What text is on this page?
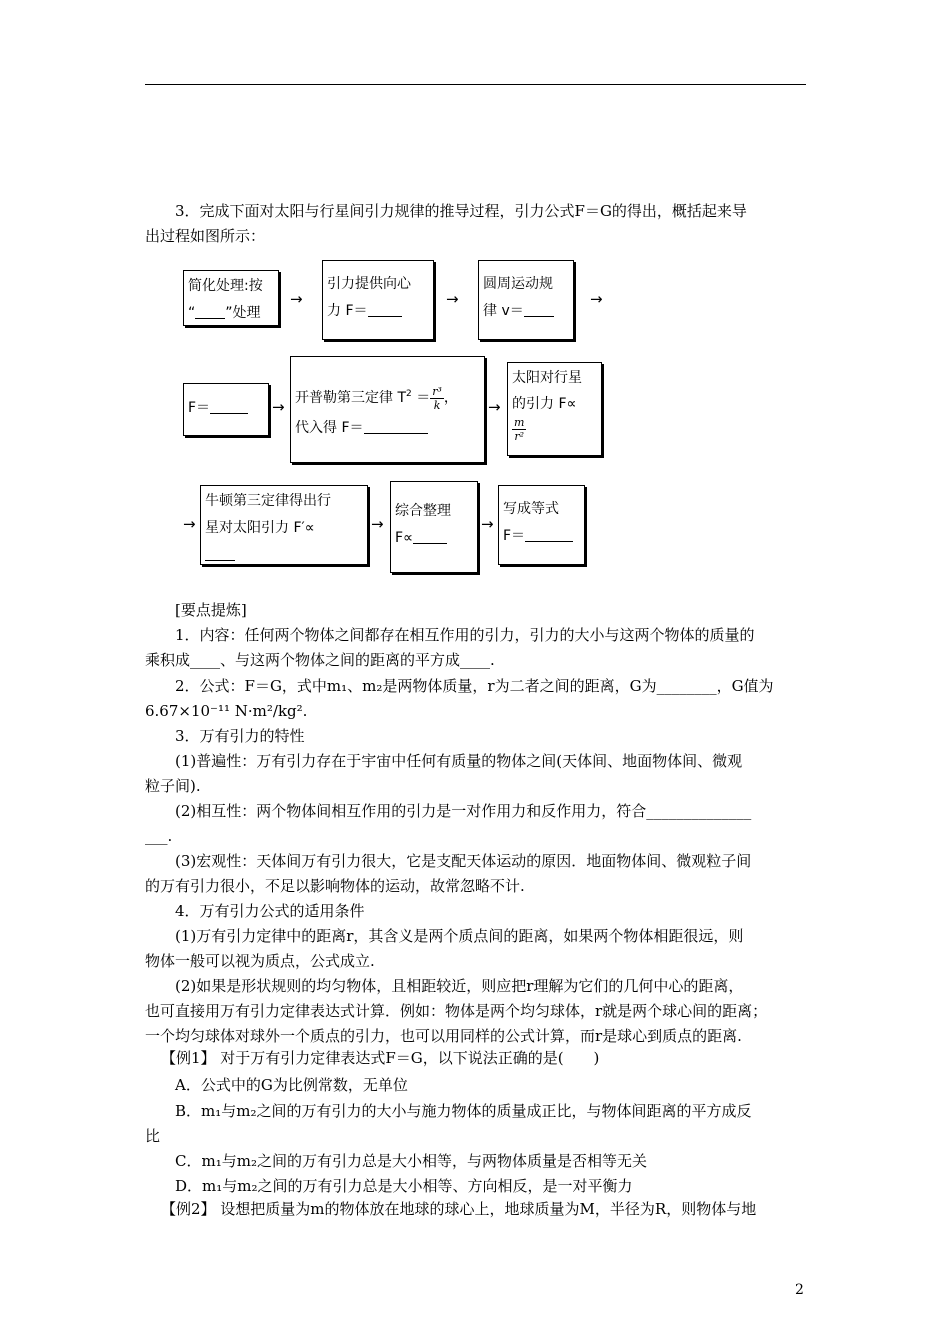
3．完成下面对太阳与行星间引力规律的推导过程，引力公式F＝G的得出，概括起来导
出过程如图所示：
简化处理:按
“ ”处理
→
引力提供向心
力 F＝
→
圆周运动规
律 v＝
→
F＝	→ 开普勒第三定律 $T^2 = \frac{\text{r³}}{k}$ ，
代入得 F＝
→
太阳对行星
的引力 F∝
$\frac{m}{\text{r²}}$
→
牛顿第三定律得出行
星对太阳引力 F′∝	→
综合整理
F∝
→
写成等式
F＝
[要点提炼]
1．内容：任何两个物体之间都存在相互作用的引力，引力的大小与这两个物体的质量的
乘积成____、与这两个物体之间的距离的平方成____.
2．公式：F＝G，式中m₁、m₂是两物体质量，r为二者之间的距离，G为________，G值为
6.67×10⁻¹¹ N·m²/kg².
3．万有引力的特性
(1)普遍性：万有引力存在于宇宙中任何有质量的物体之间(天体间、地面物体间、微观
粒子间).
(2)相互性：两个物体间相互作用的引力是一对作用力和反作用力，符合______________
___.
(3)宏观性：天体间万有引力很大，它是支配天体运动的原因．地面物体间、微观粒子间
的万有引力很小，不足以影响物体的运动，故常忽略不计.
4．万有引力公式的适用条件
(1)万有引力定律中的距离r，其含义是两个质点间的距离，如果两个物体相距很远，则
物体一般可以视为质点，公式成立.
(2)如果是形状规则的均匀物体，且相距较近，则应把r理解为它们的几何中心的距离，
也可直接用万有引力定律表达式计算．例如：物体是两个均匀球体，r就是两个球心间的距离；
一个均匀球体对球外一个质点的引力，也可以用同样的公式计算，而r是球心到质点的距离.
【例1】 对于万有引力定律表达式F＝G，以下说法正确的是(　　)
A．公式中的G为比例常数，无单位
B．m₁与m₂之间的万有引力的大小与施力物体的质量成正比，与物体间距离的平方成反
比
C．m₁与m₂之间的万有引力总是大小相等，与两物体质量是否相等无关
D．m₁与m₂之间的万有引力总是大小相等、方向相反，是一对平衡力
【例2】 设想把质量为m的物体放在地球的球心上，地球质量为M，半径为R，则物体与地
2
